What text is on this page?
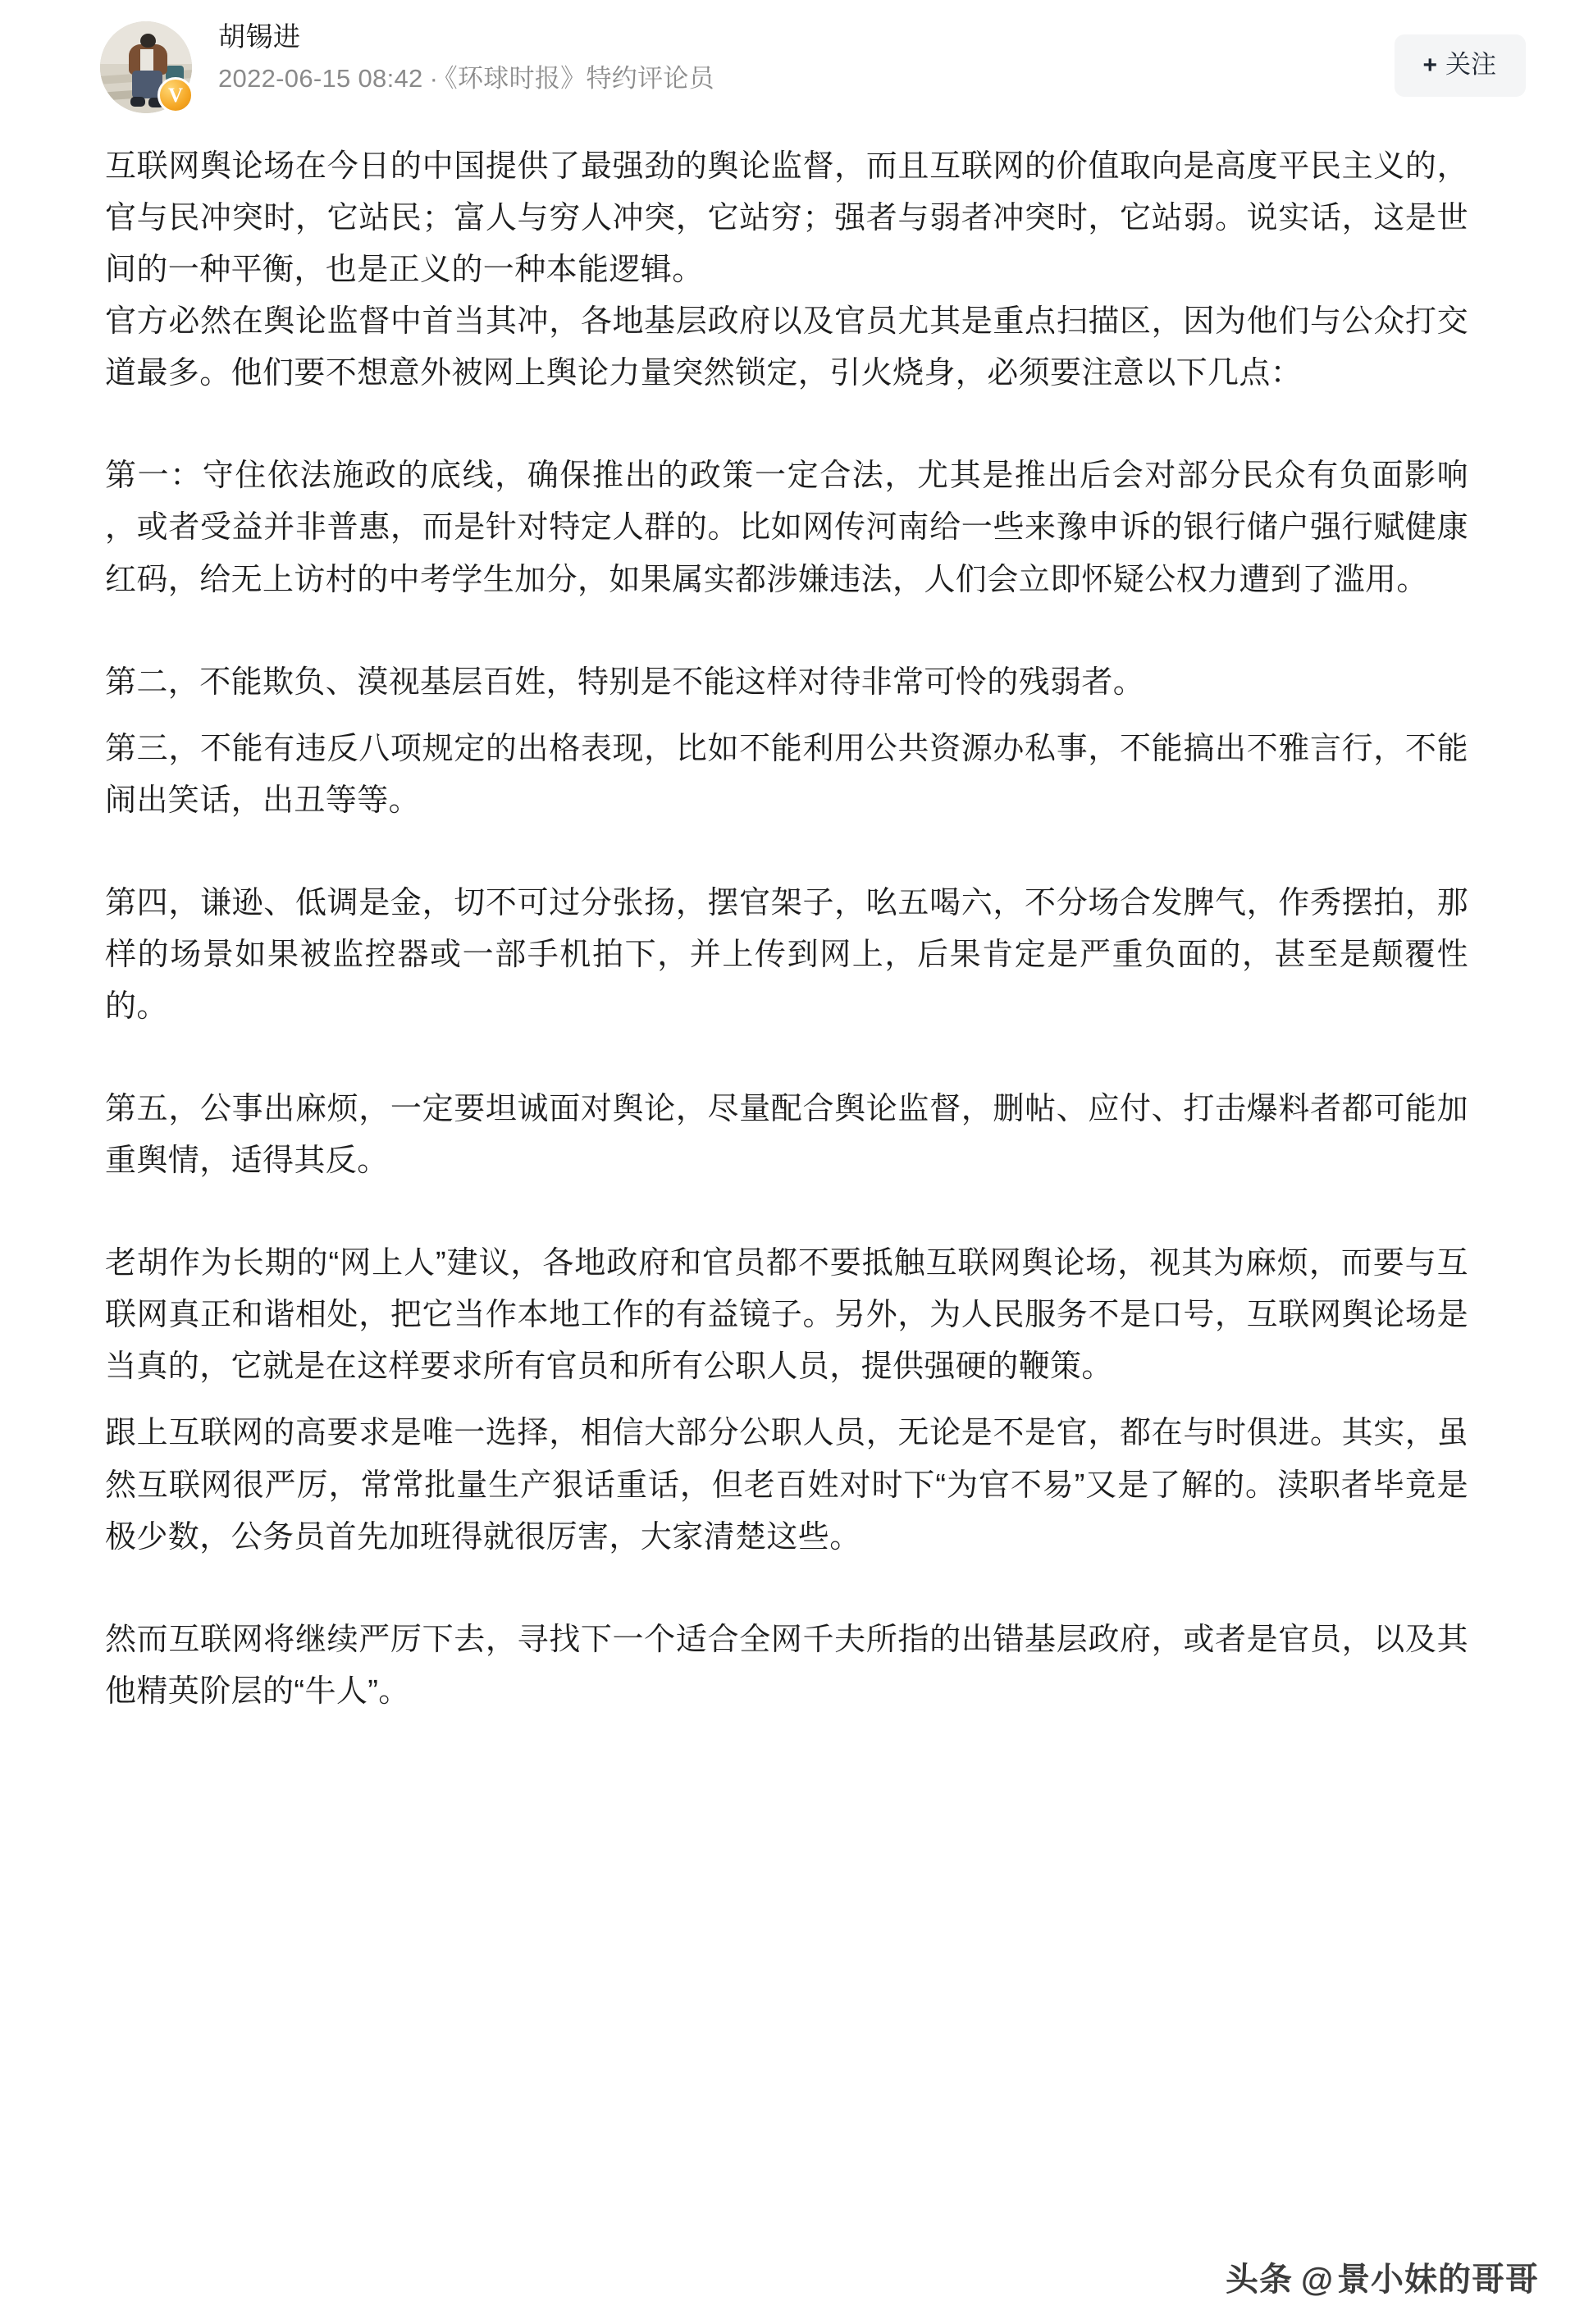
V
胡锡进
2022-06-15 08:42 · 《环球时报》特约评论员	+ 关注

互联网舆论场在今日的中国提供了最强劲的舆论监督，而且互联网的价值取向是高度平民主义的，官与民冲突时，它站民；富人与穷人冲突，它站穷；强者与弱者冲突时，它站弱。说实话，这是世间的一种平衡，也是正义的一种本能逻辑。

官方必然在舆论监督中首当其冲，各地基层政府以及官员尤其是重点扫描区，因为他们与公众打交道最多。他们要不想意外被网上舆论力量突然锁定，引火烧身，必须要注意以下几点：

第一：守住依法施政的底线，确保推出的政策一定合法，尤其是推出后会对部分民众有负面影响 ，或者受益并非普惠，而是针对特定人群的。比如网传河南给一些来豫申诉的银行储户强行赋健康红码，给无上访村的中考学生加分，如果属实都涉嫌违法，人们会立即怀疑公权力遭到了滥用。

第二，不能欺负、漠视基层百姓，特别是不能这样对待非常可怜的残弱者。

第三，不能有违反八项规定的出格表现，比如不能利用公共资源办私事，不能搞出不雅言行，不能闹出笑话，出丑等等。

第四，谦逊、低调是金，切不可过分张扬，摆官架子，吆五喝六，不分场合发脾气，作秀摆拍，那样的场景如果被监控器或一部手机拍下，并上传到网上，后果肯定是严重负面的，甚至是颠覆性的。

第五，公事出麻烦，一定要坦诚面对舆论，尽量配合舆论监督，删帖、应付、打击爆料者都可能加重舆情，适得其反。

老胡作为长期的“网上人”建议，各地政府和官员都不要抵触互联网舆论场，视其为麻烦，而要与互联网真正和谐相处，把它当作本地工作的有益镜子。另外，为人民服务不是口号，互联网舆论场是当真的，它就是在这样要求所有官员和所有公职人员，提供强硬的鞭策。

跟上互联网的高要求是唯一选择，相信大部分公职人员，无论是不是官，都在与时俱进。其实，虽然互联网很严厉，常常批量生产狠话重话，但老百姓对时下“为官不易”又是了解的。渎职者毕竟是极少数，公务员首先加班得就很厉害，大家清楚这些。

然而互联网将继续严厉下去，寻找下一个适合全网千夫所指的出错基层政府，或者是官员，以及其他精英阶层的“牛人”。

头条 @ 景小妹的哥哥
